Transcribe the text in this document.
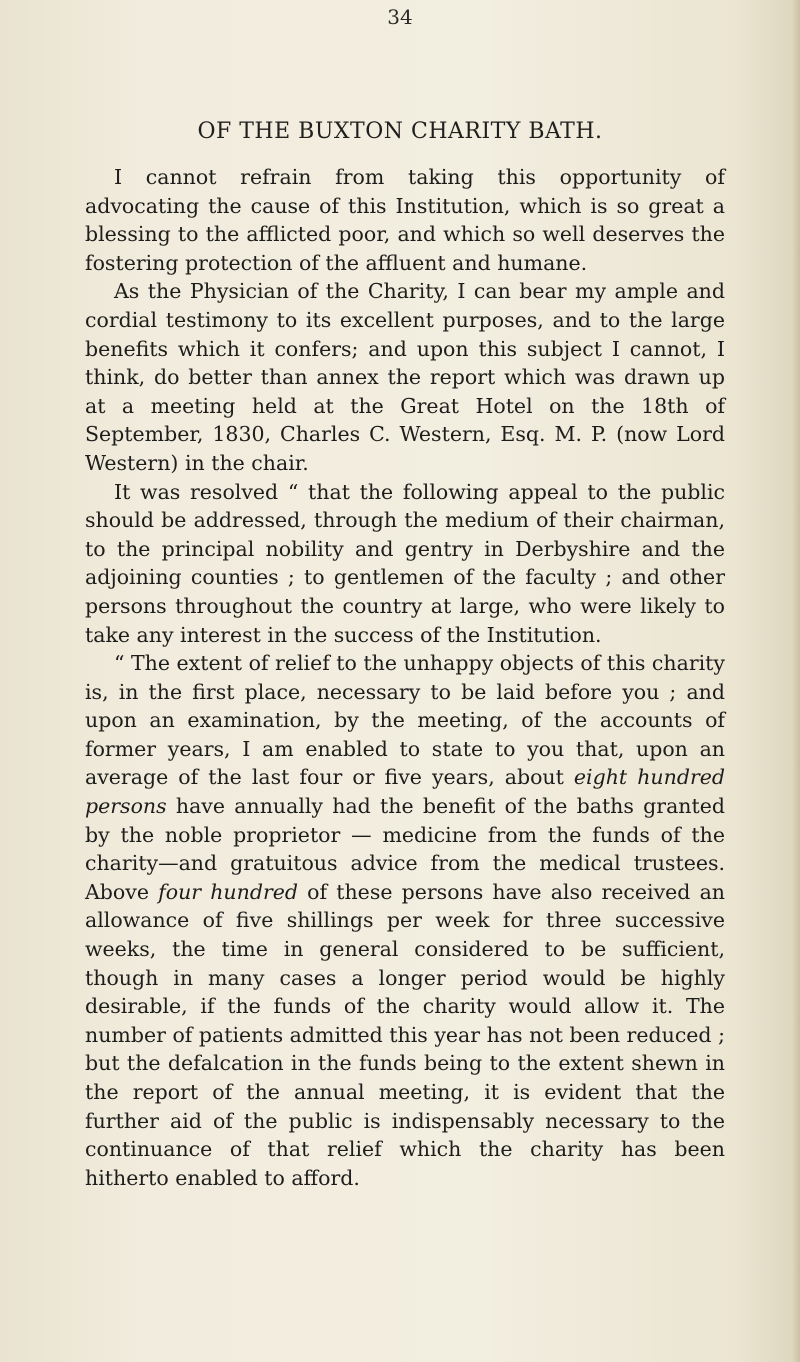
34
OF THE BUXTON CHARITY BATH.

I cannot refrain from taking this opportunity of advocating the cause of this Institution, which is so great a blessing to the afflicted poor, and which so well deserves the fostering protection of the affluent and humane.

As the Physician of the Charity, I can bear my ample and cordial testimony to its excellent purposes, and to the large benefits which it confers; and upon this subject I cannot, I think, do better than annex the report which was drawn up at a meeting held at the Great Hotel on the 18th of September, 1830, Charles C. Western, Esq. M. P. (now Lord Western) in the chair.

It was resolved “ that the following appeal to the public should be addressed, through the medium of their chairman, to the principal nobility and gentry in Derbyshire and the adjoining counties ; to gentlemen of the faculty ; and other persons throughout the country at large, who were likely to take any interest in the success of the Institution.

“ The extent of relief to the unhappy objects of this charity is, in the first place, necessary to be laid before you ; and upon an examination, by the meeting, of the accounts of former years, I am enabled to state to you that, upon an average of the last four or five years, about eight hundred persons have annually had the benefit of the baths granted by the noble proprietor — medicine from the funds of the charity—and gratuitous advice from the medical trustees. Above four hundred of these persons have also received an allowance of five shillings per week for three successive weeks, the time in general considered to be sufficient, though in many cases a longer period would be highly desirable, if the funds of the charity would allow it. The number of patients admitted this year has not been reduced ; but the defalcation in the funds being to the extent shewn in the report of the annual meeting, it is evident that the further aid of the public is indispensably necessary to the continuance of that relief which the charity has been hitherto enabled to afford.
